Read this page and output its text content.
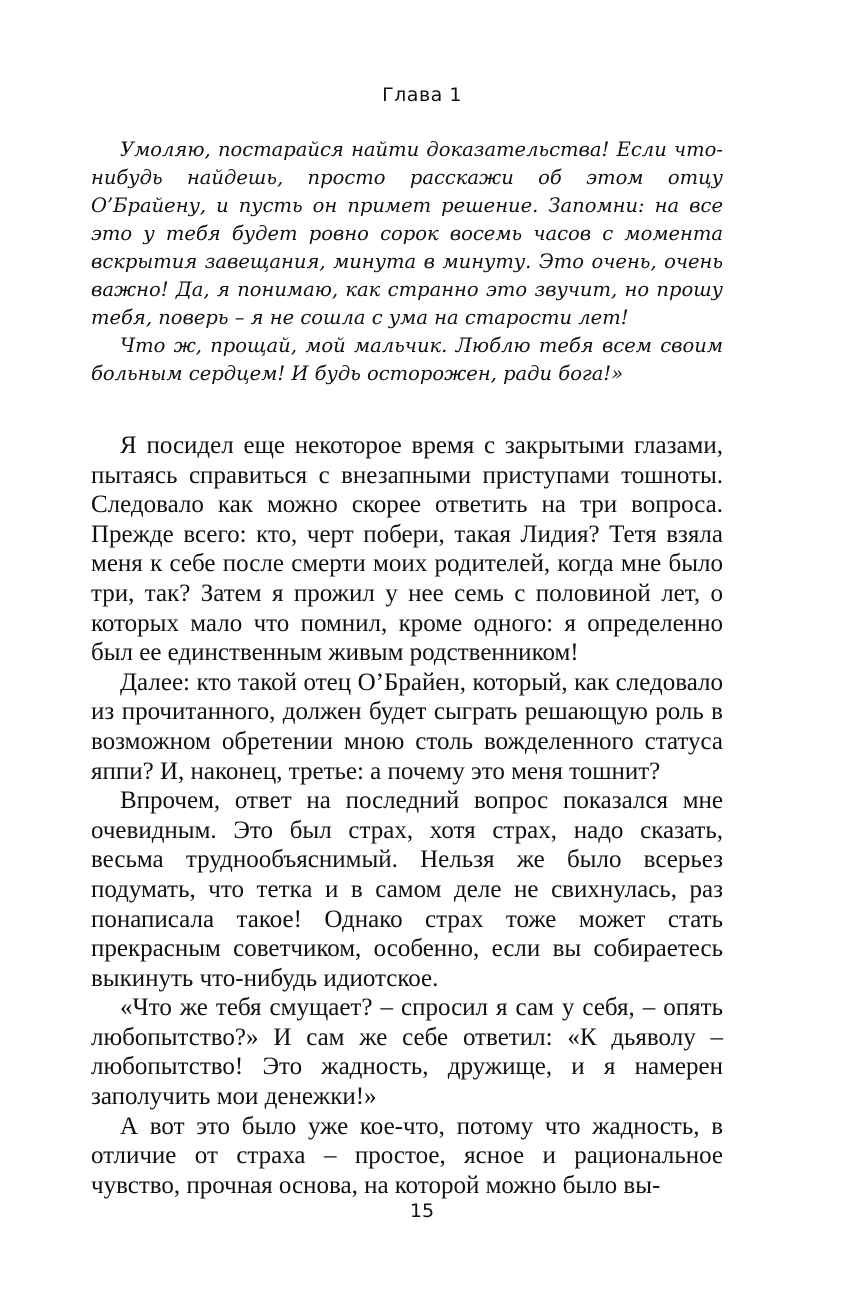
Глава 1

Умоляю, постарайся найти доказательства! Если что-нибудь найдешь, просто расскажи об этом отцу О’Брайену, и пусть он примет решение. Запомни: на все это у тебя будет ровно сорок восемь часов с момента вскрытия завещания, минута в минуту. Это очень, очень важно! Да, я понимаю, как странно это звучит, но прошу тебя, поверь – я не сошла с ума на старости лет!

Что ж, прощай, мой мальчик. Люблю тебя всем своим больным сердцем! И будь осторожен, ради бога!»

Я посидел еще некоторое время с закрытыми глазами, пытаясь справиться с внезапными приступами тошноты. Следовало как можно скорее ответить на три вопроса. Прежде всего: кто, черт побери, такая Лидия? Тетя взяла меня к себе после смерти моих родителей, когда мне было три, так? Затем я прожил у нее семь с половиной лет, о которых мало что помнил, кроме одного: я определенно был ее единственным живым родственником!

Далее: кто такой отец О’Брайен, который, как следовало из прочитанного, должен будет сыграть решающую роль в возможном обретении мною столь вожделенного статуса яппи? И, наконец, третье: а почему это меня тошнит?

Впрочем, ответ на последний вопрос показался мне очевидным. Это был страх, хотя страх, надо сказать, весьма труднообъяснимый. Нельзя же было всерьез подумать, что тетка и в самом деле не свихнулась, раз понаписала такое! Однако страх тоже может стать прекрасным советчиком, особенно, если вы собираетесь выкинуть что-нибудь идиотское.

«Что же тебя смущает? – спросил я сам у себя, – опять любопытство?» И сам же себе ответил: «К дьяволу – любопытство! Это жадность, дружище, и я намерен заполучить мои денежки!»

А вот это было уже кое-что, потому что жадность, в отличие от страха – простое, ясное и рациональное чувство, прочная основа, на которой можно было вы-

15
